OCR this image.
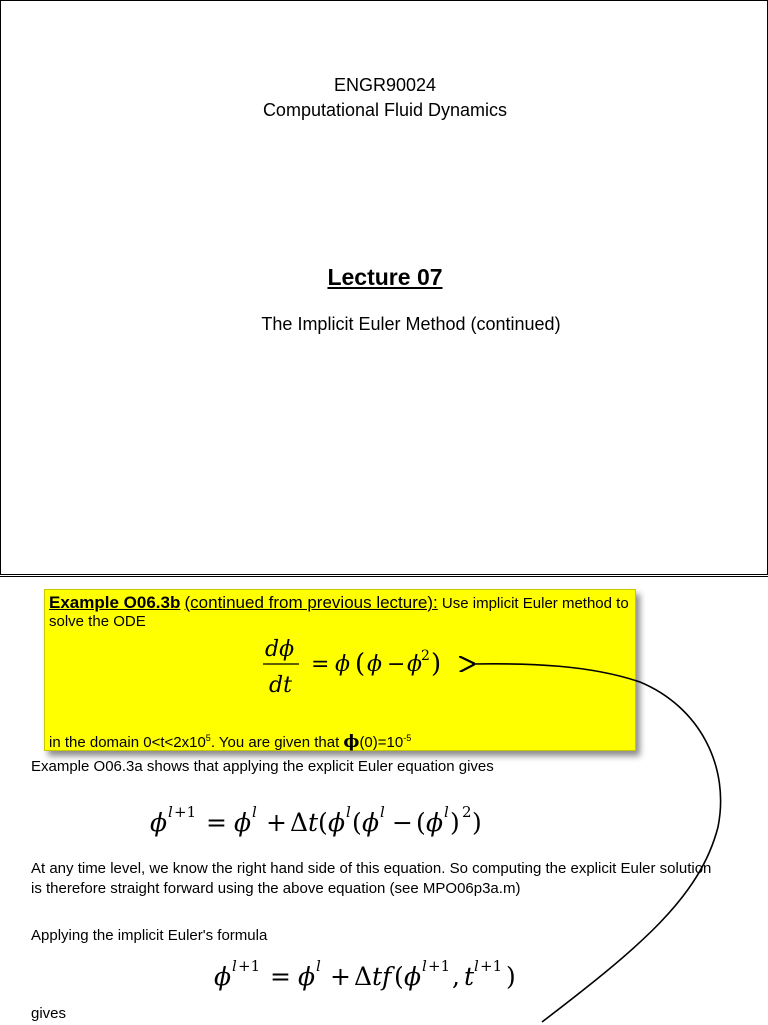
ENGR90024
Computational Fluid Dynamics
Lecture 07
The Implicit Euler Method (continued)
Example O06.3b (continued from previous lecture): Use implicit Euler method to solve the ODE
dϕ
dt
= ϕ ( ϕ − ϕ 2 )
in the domain $0<t<2x10^5$. You are given that $\phi(0)=10^{-5}$
Example O06.3a shows that applying the explicit Euler equation gives
ϕ l +1 = ϕ l + Δ t ( ϕ l ( ϕ l − ( ϕ l ) 2 )
At any time level, we know the right hand side of this equation. So computing the explicit Euler solution is therefore straight forward using the above equation (see MPO06p3a.m)
Applying the implicit Euler's formula
ϕ l +1 = ϕ l + Δ tf ( ϕ l +1 , t l +1 )
gives
